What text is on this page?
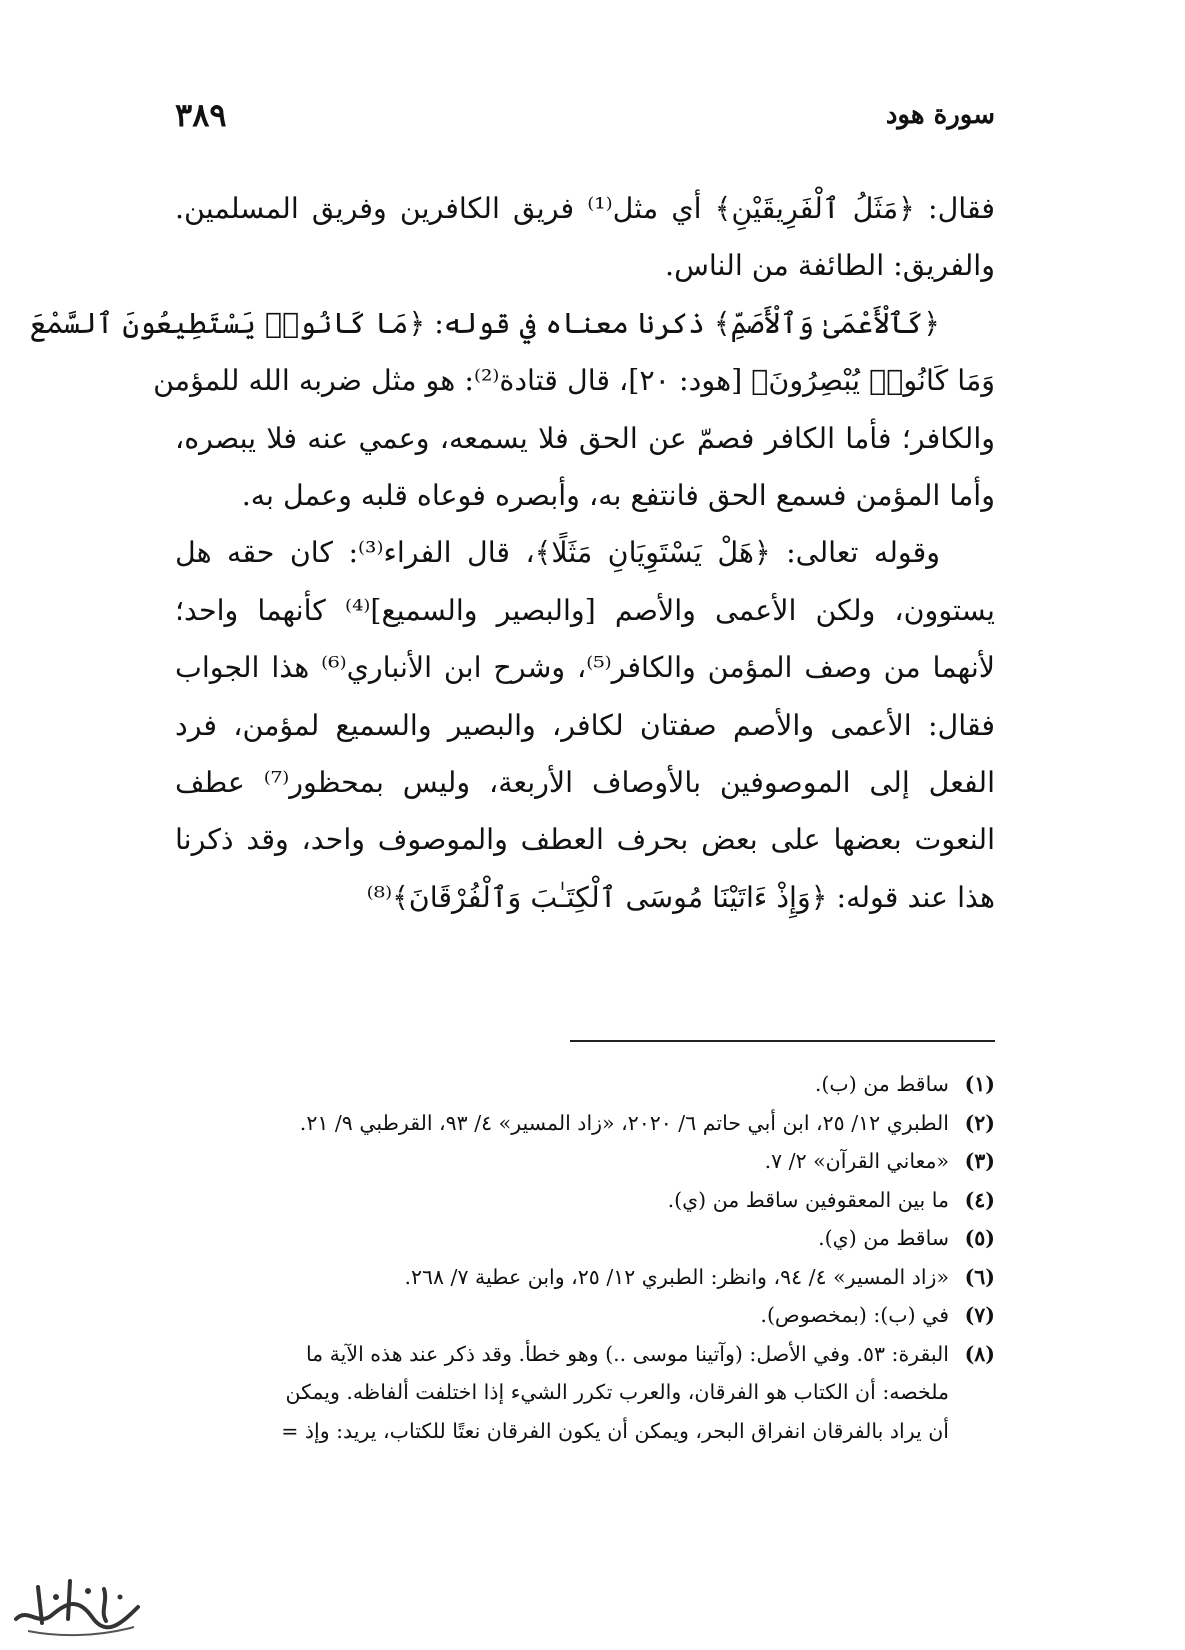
سورة هود
٣٨٩
فقال: ﴿مَثَلُ ٱلْفَرِيقَيْنِ﴾ أي مثل⁽¹⁾ فريق الكافرين وفريق المسلمين.
والفريق: الطائفة من الناس.
﴿كَٱلْأَعْمَىٰ وَٱلْأَصَمِّ﴾ ذكرنا معناه في قوله: ﴿مَا كَانُوا۟ يَسْتَطِيعُونَ ٱلسَّمْعَ
وَمَا كَانُوا۟ يُبْصِرُونَ﴾ [هود: ٢٠]، قال قتادة⁽²⁾: هو مثل ضربه الله للمؤمن
والكافر؛ فأما الكافر فصمّ عن الحق فلا يسمعه، وعمي عنه فلا يبصره،
وأما المؤمن فسمع الحق فانتفع به، وأبصره فوعاه قلبه وعمل به.
وقوله تعالى: ﴿هَلْ يَسْتَوِيَانِ مَثَلًا﴾، قال الفراء⁽³⁾: كان حقه هل
يستوون، ولكن الأعمى والأصم [والبصير والسميع]⁽⁴⁾ كأنهما واحد؛
لأنهما من وصف المؤمن والكافر⁽⁵⁾، وشرح ابن الأنباري⁽⁶⁾ هذا الجواب
فقال: الأعمى والأصم صفتان لكافر، والبصير والسميع لمؤمن، فرد
الفعل إلى الموصوفين بالأوصاف الأربعة، وليس بمحظور⁽⁷⁾ عطف
النعوت بعضها على بعض بحرف العطف والموصوف واحد، وقد ذكرنا
هذا عند قوله: ﴿وَإِذْ ءَاتَيْنَا مُوسَى ٱلْكِتَـٰبَ وَٱلْفُرْقَانَ﴾⁽⁸⁾
(١)
ساقط من (ب).
(٢)
الطبري ١٢/ ٢٥، ابن أبي حاتم ٦/ ٢٠٢٠، «زاد المسير» ٤/ ٩٣، القرطبي ٩/ ٢١.
(٣)
«معاني القرآن» ٢/ ٧.
(٤)
ما بين المعقوفين ساقط من (ي).
(٥)
ساقط من (ي).
(٦)
«زاد المسير» ٤/ ٩٤، وانظر: الطبري ١٢/ ٢٥، وابن عطية ٧/ ٢٦٨.
(٧)
في (ب): (بمخصوص).
(٨)
البقرة: ٥٣. وفي الأصل: (وآتينا موسى ..) وهو خطأ. وقد ذكر عند هذه الآية ما
ملخصه: أن الكتاب هو الفرقان، والعرب تكرر الشيء إذا اختلفت ألفاظه. ويمكن
أن يراد بالفرقان انفراق البحر، ويمكن أن يكون الفرقان نعتًا للكتاب، يريد: وإذ =
